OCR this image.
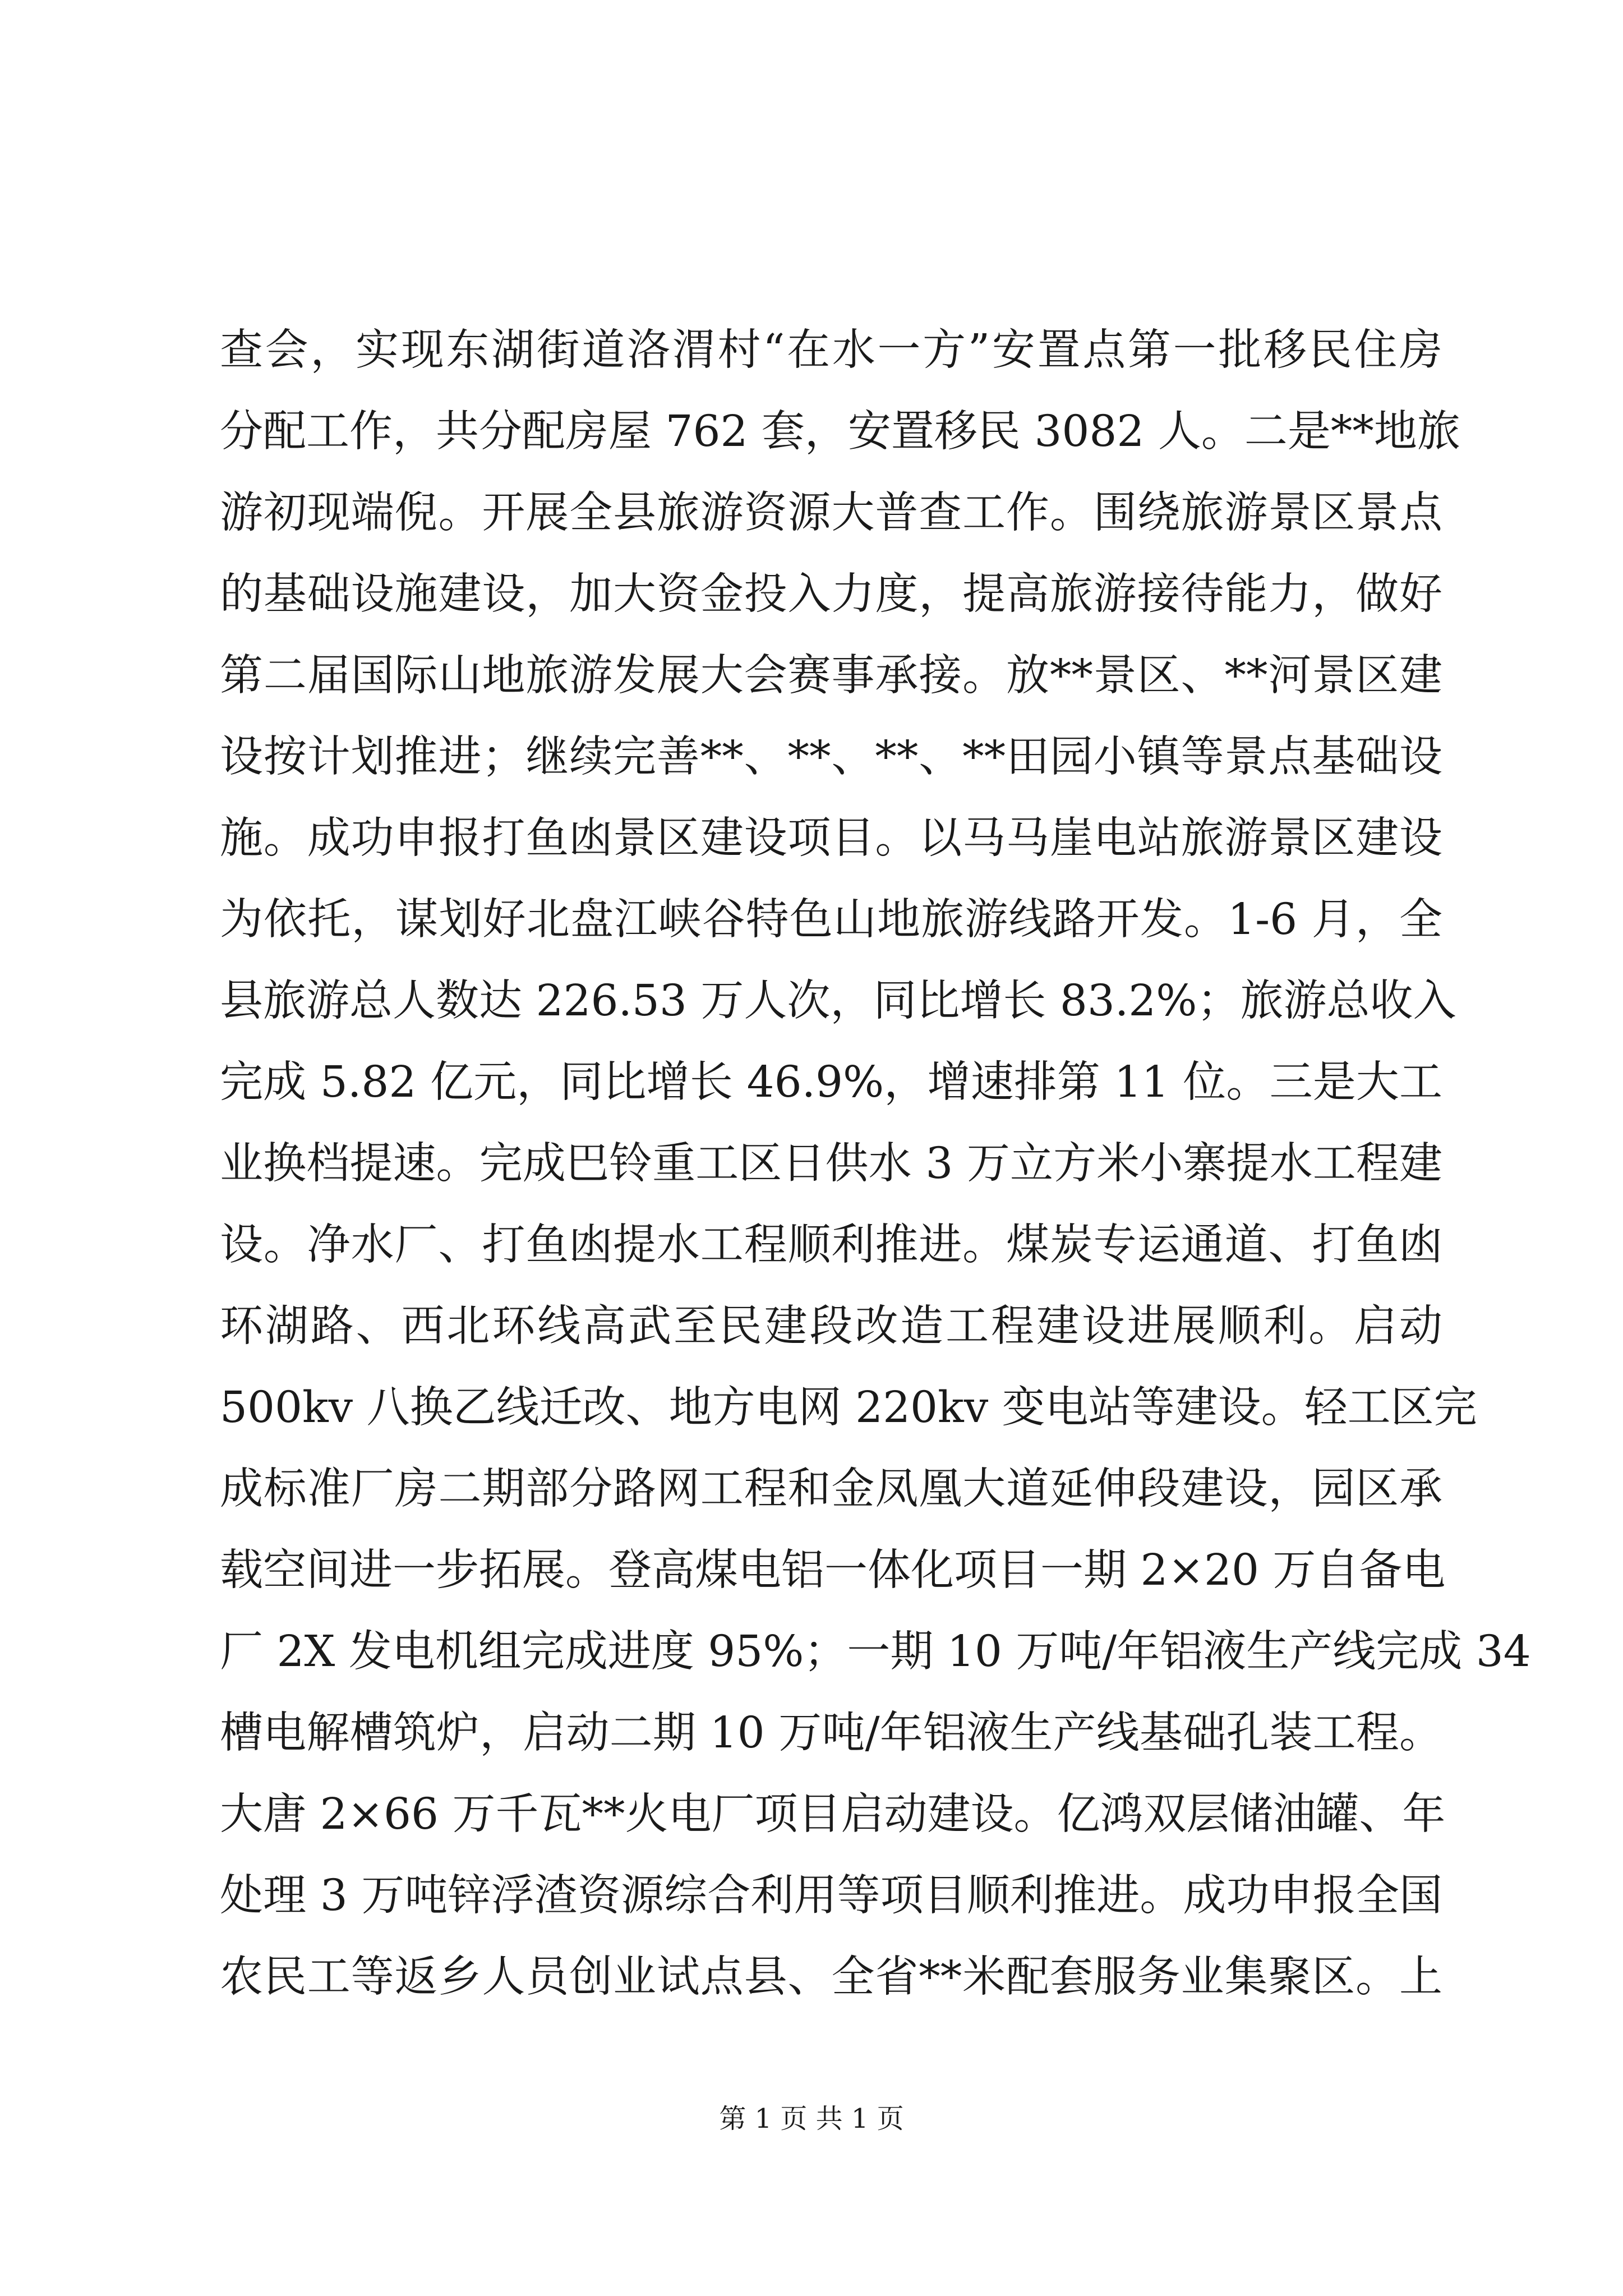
查会，实现东湖街道洛渭村“在水一方”安置点第一批移民住房
分配工作，共分配房屋 762 套，安置移民 3082 人。二是**地旅
游初现端倪。开展全县旅游资源大普查工作。围绕旅游景区景点
的基础设施建设，加大资金投入力度，提高旅游接待能力，做好
第二届国际山地旅游发展大会赛事承接。放**景区、**河景区建
设按计划推进；继续完善**、**、**、**田园小镇等景点基础设
施。成功申报打鱼凼景区建设项目。以马马崖电站旅游景区建设
为依托，谋划好北盘江峡谷特色山地旅游线路开发。1-6 月，全
县旅游总人数达 226.53 万人次，同比增长 83.2%；旅游总收入
完成 5.82 亿元，同比增长 46.9%，增速排第 11 位。三是大工
业换档提速。完成巴铃重工区日供水 3 万立方米小寨提水工程建
设。净水厂、打鱼凼提水工程顺利推进。煤炭专运通道、打鱼凼
环湖路、西北环线高武至民建段改造工程建设进展顺利。启动
500kv 八换乙线迁改、地方电网 220kv 变电站等建设。轻工区完
成标准厂房二期部分路网工程和金凤凰大道延伸段建设，园区承
载空间进一步拓展。登高煤电铝一体化项目一期 2×20 万自备电
厂 2X 发电机组完成进度 95%；一期 10 万吨/年铝液生产线完成 34
槽电解槽筑炉，启动二期 10 万吨/年铝液生产线基础孔装工程。
大唐 2×66 万千瓦**火电厂项目启动建设。亿鸿双层储油罐、年
处理 3 万吨锌浮渣资源综合利用等项目顺利推进。成功申报全国
农民工等返乡人员创业试点县、全省**米配套服务业集聚区。上
第 1 页 共 1 页
